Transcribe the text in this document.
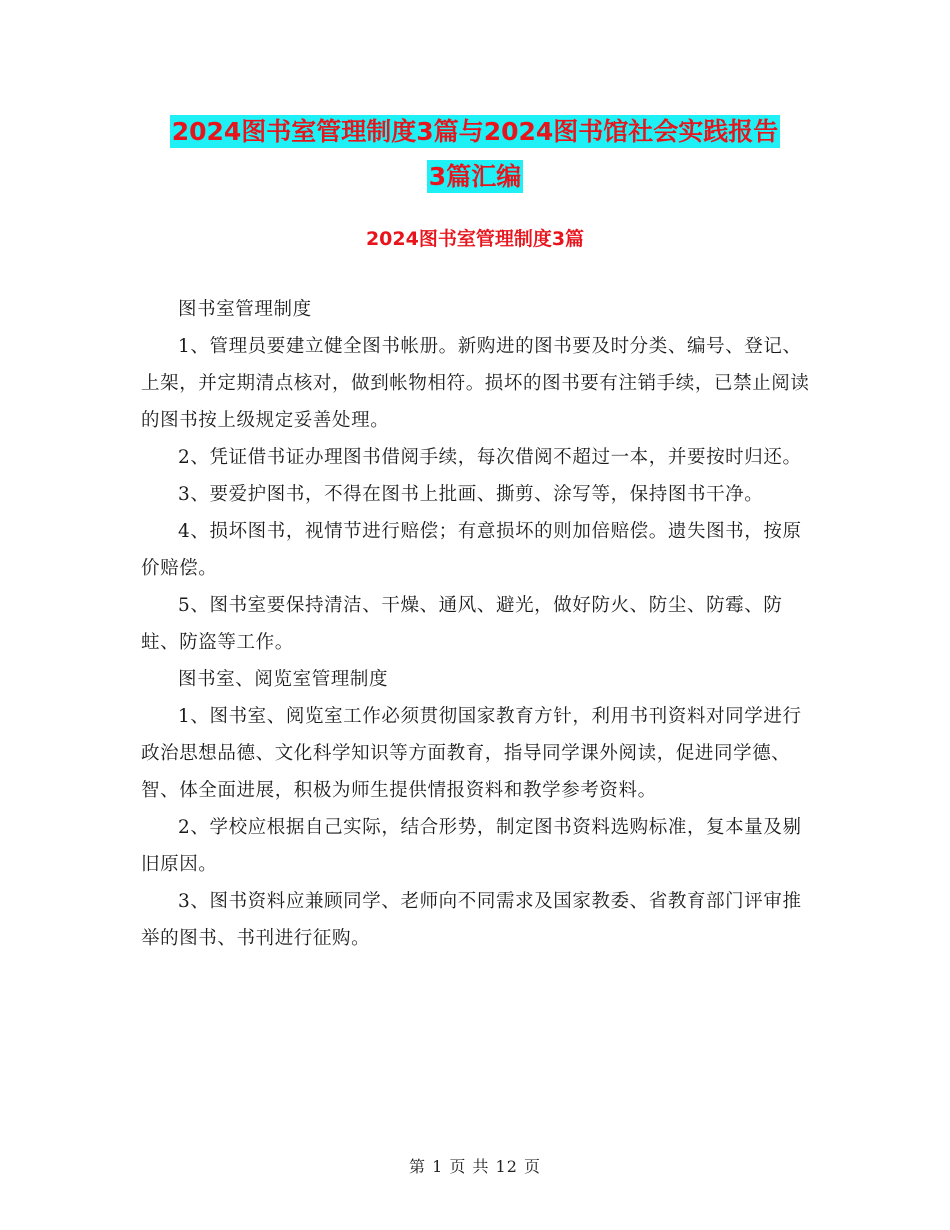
2024图书室管理制度3篇与2024图书馆社会实践报告
3篇汇编
2024图书室管理制度3篇

图书室管理制度

1、管理员要建立健全图书帐册。新购进的图书要及时分类、编号、登记、上架，并定期清点核对，做到帐物相符。损坏的图书要有注销手续，已禁止阅读的图书按上级规定妥善处理。

2、凭证借书证办理图书借阅手续，每次借阅不超过一本，并要按时归还。

3、要爱护图书，不得在图书上批画、撕剪、涂写等，保持图书干净。

4、损坏图书，视情节进行赔偿；有意损坏的则加倍赔偿。遗失图书，按原价赔偿。

5、图书室要保持清洁、干燥、通风、避光，做好防火、防尘、防霉、防蛀、防盗等工作。

图书室、阅览室管理制度

1、图书室、阅览室工作必须贯彻国家教育方针，利用书刊资料对同学进行政治思想品德、文化科学知识等方面教育，指导同学课外阅读，促进同学德、智、体全面进展，积极为师生提供情报资料和教学参考资料。

2、学校应根据自己实际，结合形势，制定图书资料选购标准，复本量及剔旧原因。

3、图书资料应兼顾同学、老师向不同需求及国家教委、省教育部门评审推举的图书、书刊进行征购。

第 1 页 共 12 页
